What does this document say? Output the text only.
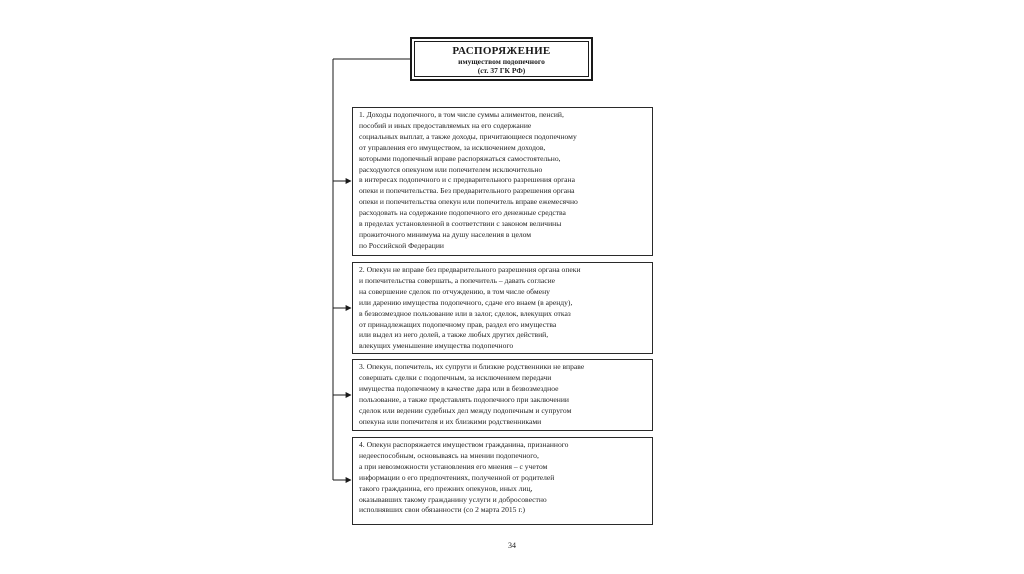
РАСПОРЯЖЕНИЕ
имуществом подопечного
(ст. 37 ГК РФ)

1. Доходы подопечного, в том числе суммы алиментов, пенсий,
пособий и иных предоставляемых на его содержание
социальных выплат, а также доходы, причитающиеся подопечному
от управления его имуществом, за исключением доходов,
которыми подопечный вправе распоряжаться самостоятельно,
расходуются опекуном или попечителем исключительно
в интересах подопечного и с предварительного разрешения органа
опеки и попечительства. Без предварительного разрешения органа
опеки и попечительства опекун или попечитель вправе ежемесячно
расходовать на содержание подопечного его денежные средства
в пределах установленной в соответствии с законом величины
прожиточного минимума на душу населения в целом
по Российской Федерации

2. Опекун не вправе без предварительного разрешения органа опеки
и попечительства совершать, а попечитель – давать согласие
на совершение сделок по отчуждению, в том числе обмену
или дарению имущества подопечного, сдаче его внаем (в аренду),
в безвозмездное пользование или в залог, сделок, влекущих отказ
от принадлежащих подопечному прав, раздел его имущества
или выдел из него долей, а также любых других действий,
влекущих уменьшение имущества подопечного

3. Опекун, попечитель, их супруги и близкие родственники не вправе
совершать сделки с подопечным, за исключением передачи
имущества подопечному в качестве дара или в безвозмездное
пользование, а также представлять подопечного при заключении
сделок или ведении судебных дел между подопечным и супругом
опекуна или попечителя и их близкими родственниками

4. Опекун распоряжается имуществом гражданина, признанного
недееспособным, основываясь на мнении подопечного,
а при невозможности установления его мнения – с учетом
информации о его предпочтениях, полученной от родителей
такого гражданина, его прежних опекунов, иных лиц,
оказывавших такому гражданину услуги и добросовестно
исполнявших свои обязанности (со 2 марта 2015 г.)

34
